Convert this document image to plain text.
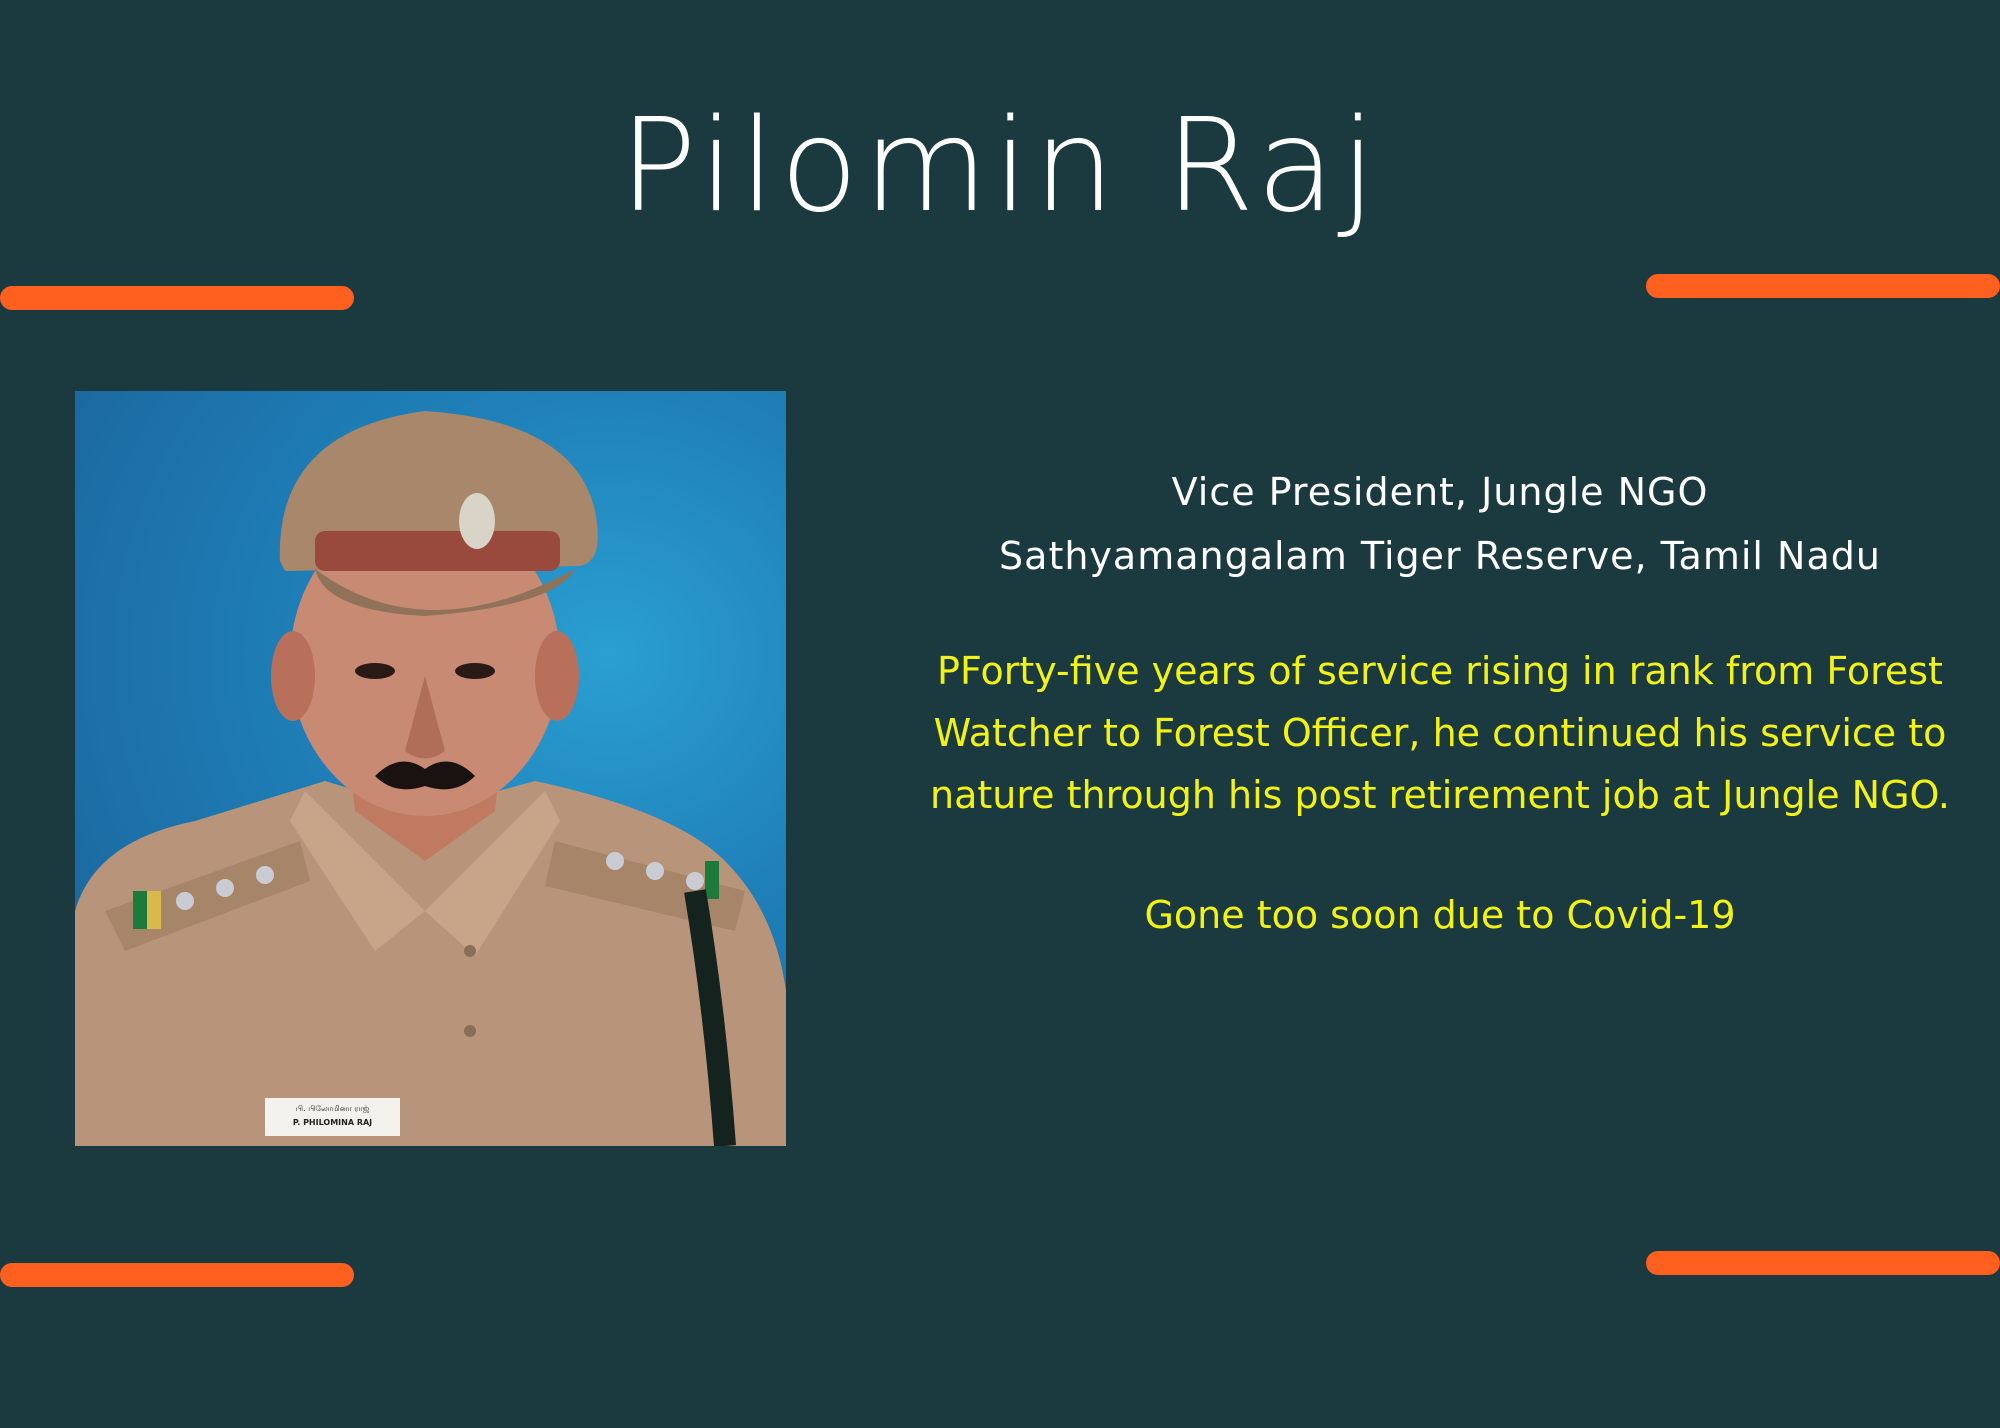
Pilomin Raj
பி. பிலோமினா ராஜ்
P. PHILOMINA RAJ
Vice President, Jungle NGO
Sathyamangalam Tiger Reserve, Tamil Nadu
PForty-five years of service rising in rank from Forest Watcher to Forest Officer, he continued his service to nature through his post retirement job at Jungle NGO.
Gone too soon due to Covid-19
